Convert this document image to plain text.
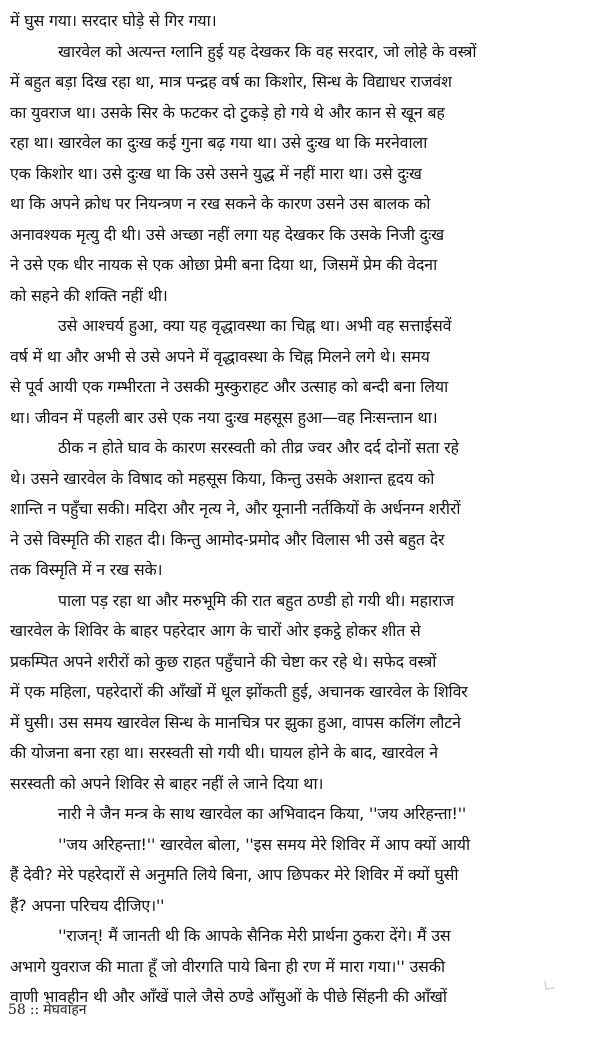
में घुस गया। सरदार घोड़े से गिर गया।
खारवेल को अत्यन्त ग्लानि हुई यह देखकर कि वह सरदार, जो लोहे के वस्त्रों
में बहुत बड़ा दिख रहा था, मात्र पन्द्रह वर्ष का किशोर, सिन्ध के विद्याधर राजवंश
का युवराज था। उसके सिर के फटकर दो टुकड़े हो गये थे और कान से खून बह
रहा था। खारवेल का दुःख कई गुना बढ़ गया था। उसे दुःख था कि मरनेवाला
एक किशोर था। उसे दुःख था कि उसे उसने युद्ध में नहीं मारा था। उसे दुःख
था कि अपने क्रोध पर नियन्त्रण न रख सकने के कारण उसने उस बालक को
अनावश्यक मृत्यु दी थी। उसे अच्छा नहीं लगा यह देखकर कि उसके निजी दुःख
ने उसे एक धीर नायक से एक ओछा प्रेमी बना दिया था, जिसमें प्रेम की वेदना
को सहने की शक्ति नहीं थी।
उसे आश्चर्य हुआ, क्या यह वृद्धावस्था का चिह्न था। अभी वह सत्ताईसवें
वर्ष में था और अभी से उसे अपने में वृद्धावस्था के चिह्न मिलने लगे थे। समय
से पूर्व आयी एक गम्भीरता ने उसकी मुस्कुराहट और उत्साह को बन्दी बना लिया
था। जीवन में पहली बार उसे एक नया दुःख महसूस हुआ—वह निःसन्तान था।
ठीक न होते घाव के कारण सरस्वती को तीव्र ज्वर और दर्द दोनों सता रहे
थे। उसने खारवेल के विषाद को महसूस किया, किन्तु उसके अशान्त हृदय को
शान्ति न पहुँचा सकी। मदिरा और नृत्य ने, और यूनानी नर्तकियों के अर्धनग्न शरीरों
ने उसे विस्मृति की राहत दी। किन्तु आमोद-प्रमोद और विलास भी उसे बहुत देर
तक विस्मृति में न रख सके।
पाला पड़ रहा था और मरुभूमि की रात बहुत ठण्डी हो गयी थी। महाराज
खारवेल के शिविर के बाहर पहरेदार आग के चारों ओर इकट्ठे होकर शीत से
प्रकम्पित अपने शरीरों को कुछ राहत पहुँचाने की चेष्टा कर रहे थे। सफेद वस्त्रों
में एक महिला, पहरेदारों की आँखों में धूल झोंकती हुई, अचानक खारवेल के शिविर
में घुसी। उस समय खारवेल सिन्ध के मानचित्र पर झुका हुआ, वापस कलिंग लौटने
की योजना बना रहा था। सरस्वती सो गयी थी। घायल होने के बाद, खारवेल ने
सरस्वती को अपने शिविर से बाहर नहीं ले जाने दिया था।
नारी ने जैन मन्त्र के साथ खारवेल का अभिवादन किया, ''जय अरिहन्ता!''
''जय अरिहन्ता!'' खारवेल बोला, ''इस समय मेरे शिविर में आप क्यों आयी
हैं देवी? मेरे पहरेदारों से अनुमति लिये बिना, आप छिपकर मेरे शिविर में क्यों घुसी
हैं? अपना परिचय दीजिए।''
''राजन्! मैं जानती थी कि आपके सैनिक मेरी प्रार्थना ठुकरा देंगे। मैं उस
अभागे युवराज की माता हूँ जो वीरगति पाये बिना ही रण में मारा गया।'' उसकी
वाणी भावहीन थी और आँखें पाले जैसे ठण्डे आँसुओं के पीछे सिंहनी की आँखों
58 :: मेघवाहन
